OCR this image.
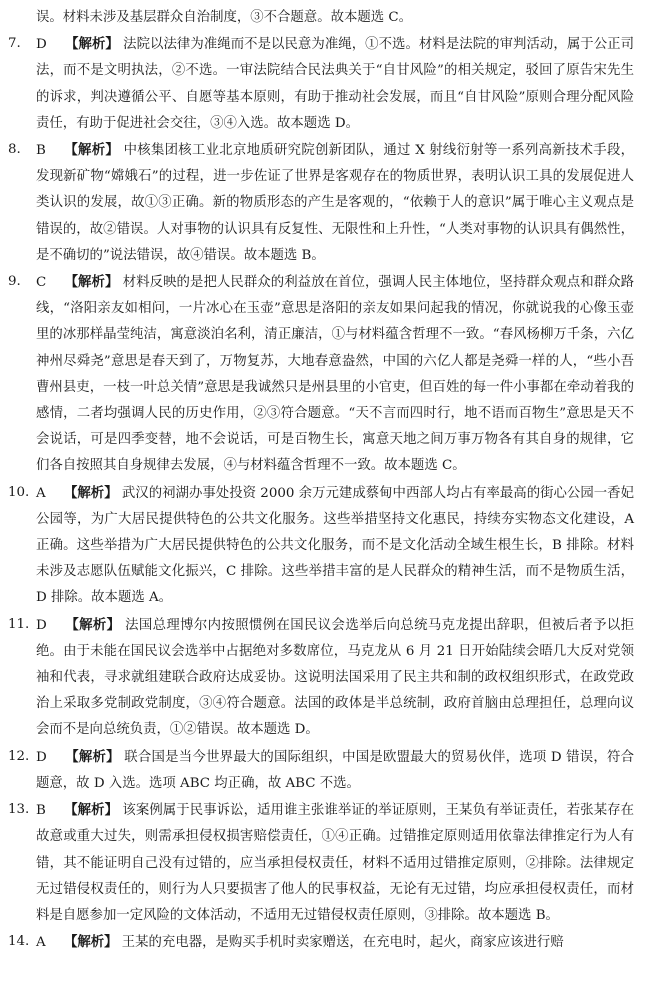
误。材料未涉及基层群众自治制度，③不合题意。故本题选 C。
7.	D 【解析】 法院以法律为准绳而不是以民意为准绳，①不选。材料是法院的审判活动，属于公正司法，而不是文明执法，②不选。一审法院结合民法典关于“自甘风险”的相关规定，驳回了原告宋先生的诉求，判决遵循公平、自愿等基本原则，有助于推动社会发展，而且“自甘风险”原则合理分配风险责任，有助于促进社会交往，③④入选。故本题选 D。
8.	B 【解析】 中核集团核工业北京地质研究院创新团队，通过 X 射线衍射等一系列高新技术手段，发现新矿物“嫦娥石”的过程，进一步佐证了世界是客观存在的物质世界，表明认识工具的发展促进人类认识的发展，故①③正确。新的物质形态的产生是客观的，“依赖于人的意识”属于唯心主义观点是错误的，故②错误。人对事物的认识具有反复性、无限性和上升性，“人类对事物的认识具有偶然性，是不确切的”说法错误，故④错误。故本题选 B。
9.	C 【解析】 材料反映的是把人民群众的利益放在首位，强调人民主体地位，坚持群众观点和群众路线，“洛阳亲友如相问，一片冰心在玉壶”意思是洛阳的亲友如果问起我的情况，你就说我的心像玉壶里的冰那样晶莹纯洁，寓意淡泊名利，清正廉洁，①与材料蕴含哲理不一致。“春风杨柳万千条，六亿神州尽舜尧”意思是春天到了，万物复苏，大地春意盎然，中国的六亿人都是尧舜一样的人，“些小吾曹州县吏，一枝一叶总关情”意思是我诚然只是州县里的小官吏，但百姓的每一件小事都在牵动着我的感情，二者均强调人民的历史作用，②③符合题意。“天不言而四时行，地不语而百物生”意思是天不会说话，可是四季变替，地不会说话，可是百物生长，寓意天地之间万事万物各有其自身的规律，它们各自按照其自身规律去发展，④与材料蕴含哲理不一致。故本题选 C。
10. A 【解析】 武汉的祠湖办事处投资 2000 余万元建成蔡甸中西部人均占有率最高的街心公园一香妃公园等，为广大居民提供特色的公共文化服务。这些举措坚持文化惠民，持续夯实物态文化建设，A 正确。这些举措为广大居民提供特色的公共文化服务，而不是文化活动全域生根生长，B 排除。材料未涉及志愿队伍赋能文化振兴，C 排除。这些举措丰富的是人民群众的精神生活，而不是物质生活，D 排除。故本题选 A。
11. D 【解析】 法国总理博尔内按照惯例在国民议会选举后向总统马克龙提出辞职，但被后者予以拒绝。由于未能在国民议会选举中占据绝对多数席位，马克龙从 6 月 21 日开始陆续会晤几大反对党领袖和代表，寻求就组建联合政府达成妥协。这说明法国采用了民主共和制的政权组织形式，在政党政治上采取多党制政党制度，③④符合题意。法国的政体是半总统制，政府首脑由总理担任，总理向议会而不是向总统负责，①②错误。故本题选 D。
12. D 【解析】 联合国是当今世界最大的国际组织，中国是欧盟最大的贸易伙伴，选项 D 错误，符合题意，故 D 入选。选项 ABC 均正确，故 ABC 不选。
13. B 【解析】 该案例属于民事诉讼，适用谁主张谁举证的举证原则，王某负有举证责任，若张某存在故意或重大过失，则需承担侵权损害赔偿责任，①④正确。过错推定原则适用依靠法律推定行为人有错，其不能证明自己没有过错的，应当承担侵权责任，材料不适用过错推定原则，②排除。法律规定无过错侵权责任的，则行为人只要损害了他人的民事权益，无论有无过错，均应承担侵权责任，而材料是自愿参加一定风险的文体活动，不适用无过错侵权责任原则，③排除。故本题选 B。
14. A 【解析】 王某的充电器，是购买手机时卖家赠送，在充电时，起火，商家应该进行赔
